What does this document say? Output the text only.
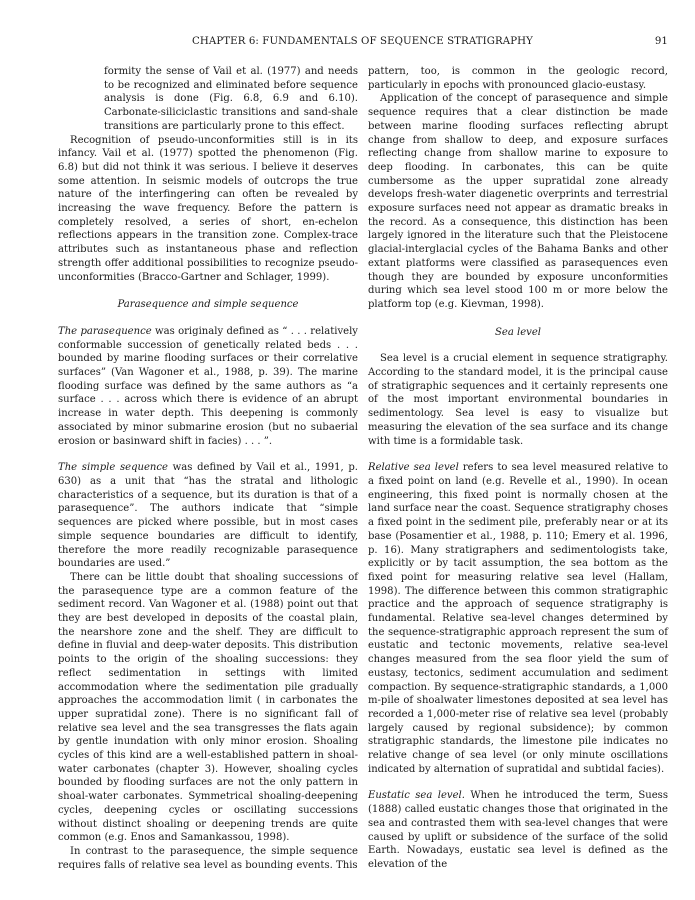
CHAPTER 6: FUNDAMENTALS OF SEQUENCE STRATIGRAPHY	91

formity the sense of Vail et al. (1977) and needs to be recognized and eliminated before sequence analysis is done (Fig. 6.8, 6.9 and 6.10). Carbonate-siliciclastic transitions and sand-shale transitions are particularly prone to this effect.

Recognition of pseudo-unconformities still is in its infancy. Vail et al. (1977) spotted the phenomenon (Fig. 6.8) but did not think it was serious. I believe it deserves some attention. In seismic models of outcrops the true nature of the interfingering can often be revealed by increasing the wave frequency. Before the pattern is completely resolved, a series of short, en-echelon reflections appears in the transition zone. Complex-trace attributes such as instantaneous phase and reflection strength offer additional possibilities to recognize pseudo-unconformities (Bracco-Gartner and Schlager, 1999).

Parasequence and simple sequence

The parasequence was originaly defined as “ . . . relatively conformable succession of genetically related beds . . . bounded by marine flooding surfaces or their correlative surfaces” (Van Wagoner et al., 1988, p. 39). The marine flooding surface was defined by the same authors as “a surface . . . across which there is evidence of an abrupt increase in water depth. This deepening is commonly associated by minor submarine erosion (but no subaerial erosion or basinward shift in facies) . . . ”.

The simple sequence was defined by Vail et al., 1991, p. 630) as a unit that “has the stratal and lithologic characteristics of a sequence, but its duration is that of a parasequence”. The authors indicate that “simple sequences are picked where possible, but in most cases simple sequence boundaries are difficult to identify, therefore the more readily recognizable parasequence boundaries are used.”

There can be little doubt that shoaling successions of the parasequence type are a common feature of the sediment record. Van Wagoner et al. (1988) point out that they are best developed in deposits of the coastal plain, the nearshore zone and the shelf. They are difficult to define in fluvial and deep-water deposits. This distribution points to the origin of the shoaling successions: they reflect sedimentation in settings with limited accommodation where the sedimentation pile gradually approaches the accommodation limit ( in carbonates the upper supratidal zone). There is no significant fall of relative sea level and the sea transgresses the flats again by gentle inundation with only minor erosion. Shoaling cycles of this kind are a well-established pattern in shoal-water carbonates (chapter 3). However, shoaling cycles bounded by flooding surfaces are not the only pattern in shoal-water carbonates. Symmetrical shoaling-deepening cycles, deepening cycles or oscillating successions without distinct shoaling or deepening trends are quite common (e.g. Enos and Samankassou, 1998).

In contrast to the parasequence, the simple sequence requires falls of relative sea level as bounding events. This

pattern, too, is common in the geologic record, particularly in epochs with pronounced glacio-eustasy.

Application of the concept of parasequence and simple sequence requires that a clear distinction be made between marine flooding surfaces reflecting abrupt change from shallow to deep, and exposure surfaces reflecting change from shallow marine to exposure to deep flooding. In carbonates, this can be quite cumbersome as the upper supratidal zone already develops fresh-water diagenetic overprints and terrestrial exposure surfaces need not appear as dramatic breaks in the record. As a consequence, this distinction has been largely ignored in the literature such that the Pleistocene glacial-interglacial cycles of the Bahama Banks and other extant platforms were classified as parasequences even though they are bounded by exposure unconformities during which sea level stood 100 m or more below the platform top (e.g. Kievman, 1998).

Sea level

Sea level is a crucial element in sequence stratigraphy. According to the standard model, it is the principal cause of stratigraphic sequences and it certainly represents one of the most important environmental boundaries in sedimentology. Sea level is easy to visualize but measuring the elevation of the sea surface and its change with time is a formidable task.

Relative sea level refers to sea level measured relative to a fixed point on land (e.g. Revelle et al., 1990). In ocean engineering, this fixed point is normally chosen at the land surface near the coast. Sequence stratigraphy choses a fixed point in the sediment pile, preferably near or at its base (Posamentier et al., 1988, p. 110; Emery et al. 1996, p. 16). Many stratigraphers and sedimentologists take, explicitly or by tacit assumption, the sea bottom as the fixed point for measuring relative sea level (Hallam, 1998). The difference between this common stratigraphic practice and the approach of sequence stratigraphy is fundamental. Relative sea-level changes determined by the sequence-stratigraphic approach represent the sum of eustatic and tectonic movements, relative sea-level changes measured from the sea floor yield the sum of eustasy, tectonics, sediment accumulation and sediment compaction. By sequence-stratigraphic standards, a 1,000 m-pile of shoalwater limestones deposited at sea level has recorded a 1,000-meter rise of relative sea level (probably largely caused by regional subsidence); by common stratigraphic standards, the limestone pile indicates no relative change of sea level (or only minute oscillations indicated by alternation of supratidal and subtidal facies).

Eustatic sea level. When he introduced the term, Suess (1888) called eustatic changes those that originated in the sea and contrasted them with sea-level changes that were caused by uplift or subsidence of the surface of the solid Earth. Nowadays, eustatic sea level is defined as the elevation of the
